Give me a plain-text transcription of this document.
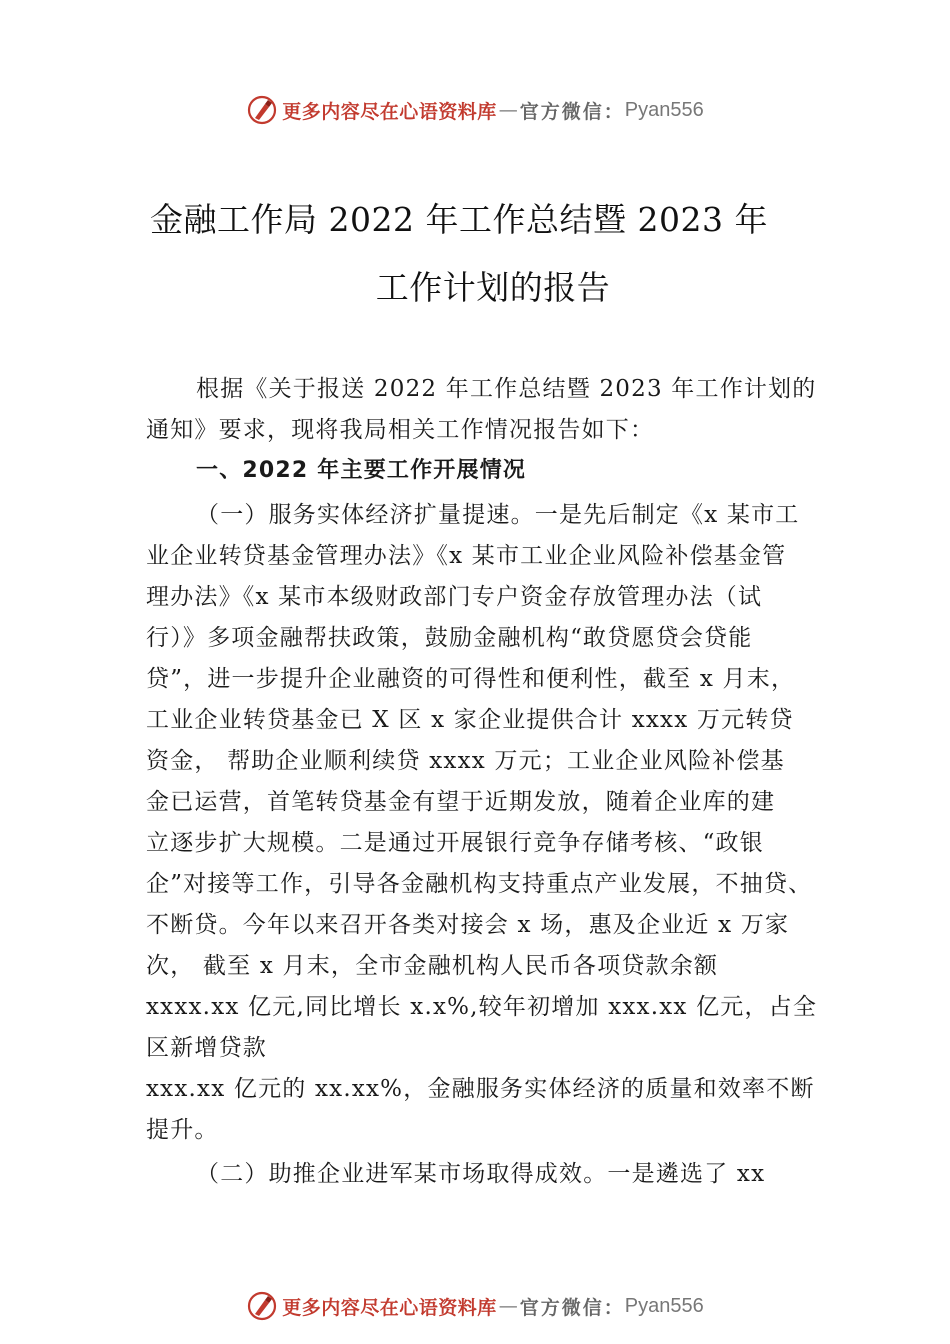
更多内容尽在心语资料库 — 官方微信： Pyan556
金融工作局 2022 年工作总结暨 2023 年
工作计划的报告
根据《关于报送 2022 年工作总结暨 2023 年工作计划的
通知》要求，现将我局相关工作情况报告如下：
一、2022 年主要工作开展情况
（一）服务实体经济扩量提速。一是先后制定《x 某市工
业企业转贷基金管理办法》《x 某市工业企业风险补偿基金管
理办法》《x 某市本级财政部门专户资金存放管理办法（试
行）》多项金融帮扶政策，鼓励金融机构“敢贷愿贷会贷能
贷”，进一步提升企业融资的可得性和便利性，截至 x 月末，
工业企业转贷基金已 X 区 x 家企业提供合计 xxxx 万元转贷
资金， 帮助企业顺利续贷 xxxx 万元；工业企业风险补偿基
金已运营，首笔转贷基金有望于近期发放，随着企业库的建
立逐步扩大规模。二是通过开展银行竞争存储考核、“政银
企”对接等工作，引导各金融机构支持重点产业发展，不抽贷、
不断贷。今年以来召开各类对接会 x 场，惠及企业近 x 万家
次， 截至 x 月末，全市金融机构人民币各项贷款余额
xxxx.xx 亿元,同比增长 x.x%,较年初增加 xxx.xx 亿元，占全
区新增贷款
xxx.xx 亿元的 xx.xx%，金融服务实体经济的质量和效率不断
提升。
（二）助推企业进军某市场取得成效。一是遴选了 xx
更多内容尽在心语资料库 — 官方微信： Pyan556
